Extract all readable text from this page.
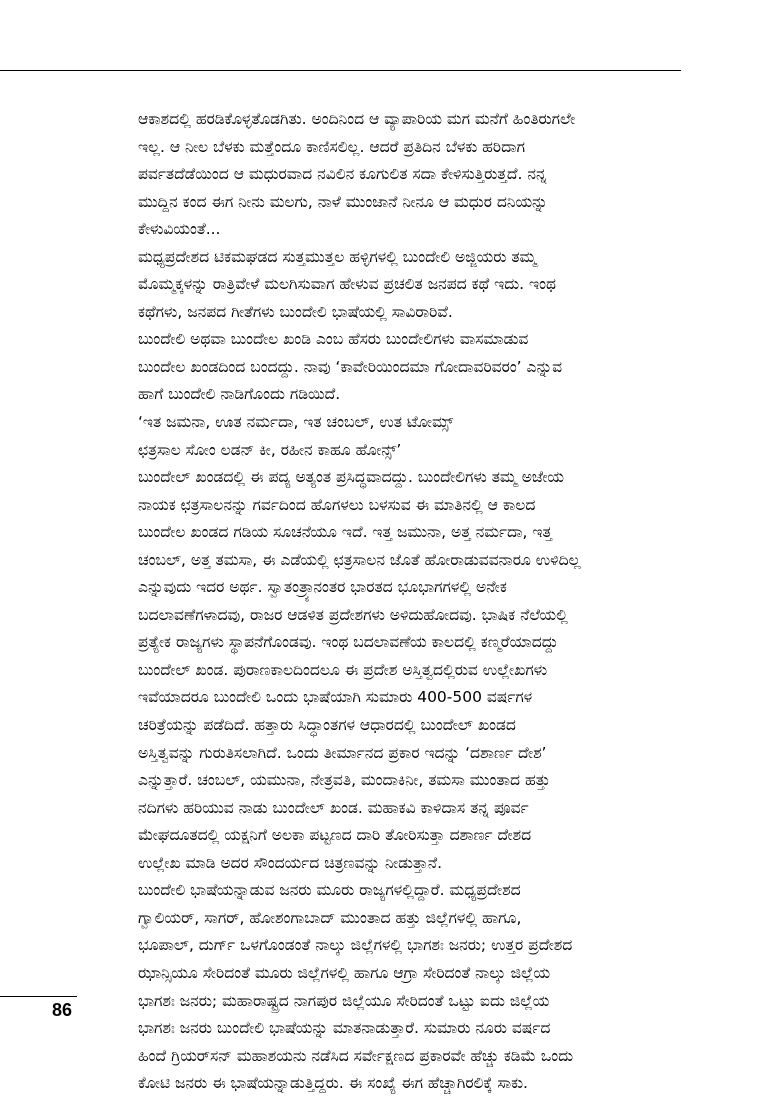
ಆಕಾಶದಲ್ಲಿ ಹರಡಿಕೊಳ್ಳತೊಡಗಿತು. ಅಂದಿನಿಂದ ಆ ವ್ಯಾಪಾರಿಯ ಮಗ ಮನೆಗೆ ಹಿಂತಿರುಗಲೇ
ಇಲ್ಲ. ಆ ನೀಲ ಬೆಳಕು ಮತ್ತೆಂದೂ ಕಾಣಿಸಲಿಲ್ಲ. ಆದರೆ ಪ್ರತಿದಿನ ಬೆಳಕು ಹರಿದಾಗ
ಪರ್ವತದೆಡೆಯಿಂದ ಆ ಮಧುರವಾದ ನವಿಲಿನ ಕೂಗುಲಿತ ಸದಾ ಕೇಳಿಸುತ್ತಿರುತ್ತದೆ. ನನ್ನ
ಮುದ್ದಿನ ಕಂದ ಈಗ ನೀನು ಮಲಗು, ನಾಳೆ ಮುಂಜಾನೆ ನೀನೂ ಆ ಮಧುರ ದನಿಯನ್ನು
ಕೇಳುವಿಯಂತೆ...
ಮಧ್ಯಪ್ರದೇಶದ ಟಿಕಮಘಡದ ಸುತ್ತಮುತ್ತಲ ಹಳ್ಳಿಗಳಲ್ಲಿ ಬುಂದೇಲಿ ಅಜ್ಜಿಯರು ತಮ್ಮ
ಮೊಮ್ಮಕ್ಕಳನ್ನು ರಾತ್ರಿವೇಳೆ ಮಲಗಿಸುವಾಗ ಹೇಳುವ ಪ್ರಚಲಿತ ಜನಪದ ಕಥೆ ಇದು. ಇಂಥ
ಕಥೆಗಳು, ಜನಪದ ಗೀತೆಗಳು ಬುಂದೇಲಿ ಭಾಷೆಯಲ್ಲಿ ಸಾವಿರಾರಿವೆ.
ಬುಂದೇಲಿ ಅಥವಾ ಬುಂದೇಲ ಖಂಡಿ ಎಂಬ ಹೆಸರು ಬುಂದೇಲಿಗಳು ವಾಸಮಾಡುವ
ಬುಂದೇಲ ಖಂಡದಿಂದ ಬಂದದ್ದು. ನಾವು ‘ಕಾವೇರಿಯಿಂದಮಾ ಗೋದಾವರಿವರಂ’ ಎನ್ನುವ
ಹಾಗೆ ಬುಂದೇಲಿ ನಾಡಿಗೊಂದು ಗಡಿಯಿದೆ.
‘ಇತ ಜಮನಾ, ಊತ ನರ್ಮದಾ, ಇತ ಚಂಬಲ್, ಉತ ಟೋಮ್ಸ್
ಛತ್ರಸಾಲ ಸೋಂ ಲಡನ್ ಕೀ, ರಹೀನ ಕಾಹೂ ಹೋನ್ಸ್’
ಬುಂದೇಲ್ ಖಂಡದಲ್ಲಿ ಈ ಪದ್ಯ ಅತ್ಯಂತ ಪ್ರಸಿದ್ಧವಾದದ್ದು. ಬುಂದೇಲಿಗಳು ತಮ್ಮ ಅಜೇಯ
ನಾಯಕ ಛತ್ರಸಾಲನನ್ನು ಗರ್ವದಿಂದ ಹೊಗಳಲು ಬಳಸುವ ಈ ಮಾತಿನಲ್ಲಿ ಆ ಕಾಲದ
ಬುಂದೇಲ ಖಂಡದ ಗಡಿಯ ಸೂಚನೆಯೂ ಇದೆ. ಇತ್ತ ಜಮುನಾ, ಅತ್ತ ನರ್ಮದಾ, ಇತ್ತ
ಚಂಬಲ್, ಅತ್ತ ತಮಸಾ, ಈ ಎಡೆಯಲ್ಲಿ ಛತ್ರಸಾಲನ ಜೊತೆ ಹೋರಾಡುವವನಾರೂ ಉಳಿದಿಲ್ಲ
ಎನ್ನುವುದು ಇದರ ಅರ್ಥ. ಸ್ವಾತಂತ್ರ್ಯಾನಂತರ ಭಾರತದ ಭೂಭಾಗಗಳಲ್ಲಿ ಅನೇಕ
ಬದಲಾವಣೆಗಳಾದವು, ರಾಜರ ಆಡಳಿತ ಪ್ರದೇಶಗಳು ಅಳಿದುಹೋದವು. ಭಾಷಿಕ ನೆಲೆಯಲ್ಲಿ
ಪ್ರತ್ಯೇಕ ರಾಜ್ಯಗಳು ಸ್ಥಾಪನೆಗೊಂಡವು. ಇಂಥ ಬದಲಾವಣೆಯ ಕಾಲದಲ್ಲಿ ಕಣ್ಮರೆಯಾದದ್ದು
ಬುಂದೇಲ್ ಖಂಡ. ಪುರಾಣಕಾಲದಿಂದಲೂ ಈ ಪ್ರದೇಶ ಅಸ್ತಿತ್ವದಲ್ಲಿರುವ ಉಲ್ಲೇಖಗಳು
ಇವೆಯಾದರೂ ಬುಂದೇಲಿ ಒಂದು ಭಾಷೆಯಾಗಿ ಸುಮಾರು 400-500 ವರ್ಷಗಳ
ಚರಿತ್ರೆಯನ್ನು ಪಡೆದಿದೆ. ಹತ್ತಾರು ಸಿದ್ಧಾಂತಗಳ ಆಧಾರದಲ್ಲಿ ಬುಂದೇಲ್ ಖಂಡದ
ಅಸ್ತಿತ್ವವನ್ನು ಗುರುತಿಸಲಾಗಿದೆ. ಒಂದು ತೀರ್ಮಾನದ ಪ್ರಕಾರ ಇದನ್ನು ‘ದಶಾರ್ಣ ದೇಶ’
ಎನ್ನುತ್ತಾರೆ. ಚಂಬಲ್, ಯಮುನಾ, ನೇತ್ರವತಿ, ಮಂದಾಕಿನೀ, ತಮಸಾ ಮುಂತಾದ ಹತ್ತು
ನದಿಗಳು ಹರಿಯುವ ನಾಡು ಬುಂದೇಲ್ ಖಂಡ. ಮಹಾಕವಿ ಕಾಳಿದಾಸ ತನ್ನ ಪೂರ್ವ
ಮೇಘದೂತದಲ್ಲಿ ಯಕ್ಷನಿಗೆ ಅಲಕಾ ಪಟ್ಟಣದ ದಾರಿ ತೋರಿಸುತ್ತಾ ದಶಾರ್ಣ ದೇಶದ
ಉಲ್ಲೇಖ ಮಾಡಿ ಅದರ ಸೌಂದರ್ಯದ ಚಿತ್ರಣವನ್ನು ನೀಡುತ್ತಾನೆ.
ಬುಂದೇಲಿ ಭಾಷೆಯನ್ನಾಡುವ ಜನರು ಮೂರು ರಾಜ್ಯಗಳಲ್ಲಿದ್ದಾರೆ. ಮಧ್ಯಪ್ರದೇಶದ
ಗ್ವಾಲಿಯರ್, ಸಾಗರ್, ಹೋಶಂಗಾಬಾದ್ ಮುಂತಾದ ಹತ್ತು ಜಿಲ್ಲೆಗಳಲ್ಲಿ ಹಾಗೂ,
ಭೂಪಾಲ್, ದುರ್ಗ್ ಒಳಗೊಂಡಂತೆ ನಾಲ್ಕು ಜಿಲ್ಲೆಗಳಲ್ಲಿ ಭಾಗಶಃ ಜನರು; ಉತ್ತರ ಪ್ರದೇಶದ
ಝಾನ್ಸಿಯೂ ಸೇರಿದಂತೆ ಮೂರು ಜಿಲ್ಲೆಗಳಲ್ಲಿ ಹಾಗೂ ಆಗ್ರಾ ಸೇರಿದಂತೆ ನಾಲ್ಕು ಜಿಲ್ಲೆಯ
ಭಾಗಶಃ ಜನರು; ಮಹಾರಾಷ್ಟ್ರದ ನಾಗಪುರ ಜಿಲ್ಲೆಯೂ ಸೇರಿದಂತೆ ಒಟ್ಟು ಐದು ಜಿಲ್ಲೆಯ
ಭಾಗಶಃ ಜನರು ಬುಂದೇಲಿ ಭಾಷೆಯನ್ನು ಮಾತನಾಡುತ್ತಾರೆ. ಸುಮಾರು ನೂರು ವರ್ಷದ
ಹಿಂದೆ ಗ್ರಿಯರ್‌ಸನ್ ಮಹಾಶಯನು ನಡೆಸಿದ ಸರ್ವೇಕ್ಷಣದ ಪ್ರಕಾರವೇ ಹೆಚ್ಚು ಕಡಿಮೆ ಒಂದು
ಕೋಟಿ ಜನರು ಈ ಭಾಷೆಯನ್ನಾಡುತ್ತಿದ್ದರು. ಈ ಸಂಖ್ಯೆ ಈಗ ಹೆಚ್ಚಾಗಿರಲಿಕ್ಕೆ ಸಾಕು.
86
